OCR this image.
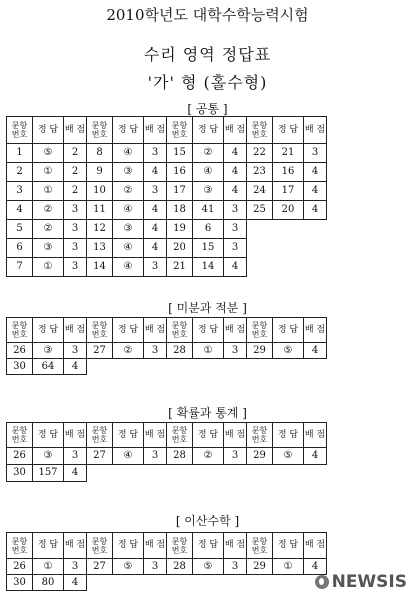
2010학년도 대학수학능력시험
수리 영역 정답표
'가' 형 (홀수형)
[ 공통 ]
문항 번호	정 답	배 점	문항 번호	정 답	배 점	문항 번호	정 답	배 점	문항 번호	정 답	배 점
1	⑤	2	8	④	3	15	②	4	22	21	3
2	①	2	9	③	4	16	④	4	23	16	4
3	①	2	10	②	3	17	③	4	24	17	4
4	②	3	11	④	4	18	41	3	25	20	4
5	②	3	12	③	4	19	6	3			
6	③	3	13	④	4	20	15	3			
7	①	3	14	④	3	21	14	4			
[ 미분과 적분 ]
문항 번호	정 답	배 점	문항 번호	정 답	배 점	문항 번호	정 답	배 점	문항 번호	정 답	배 점
26	③	3	27	②	3	28	①	3	29	⑤	4
30	64	4									
[ 확률과 통계 ]
문항 번호	정 답	배 점	문항 번호	정 답	배 점	문항 번호	정 답	배 점	문항 번호	정 답	배 점
26	③	3	27	④	3	28	②	3	29	⑤	4
30	157	4									
[ 이산수학 ]
문항 번호	정 답	배 점	문항 번호	정 답	배 점	문항 번호	정 답	배 점	문항 번호	정 답	배 점
26	①	3	27	⑤	3	28	⑤	3	29	①	4
30	80	4										NEWSIS
